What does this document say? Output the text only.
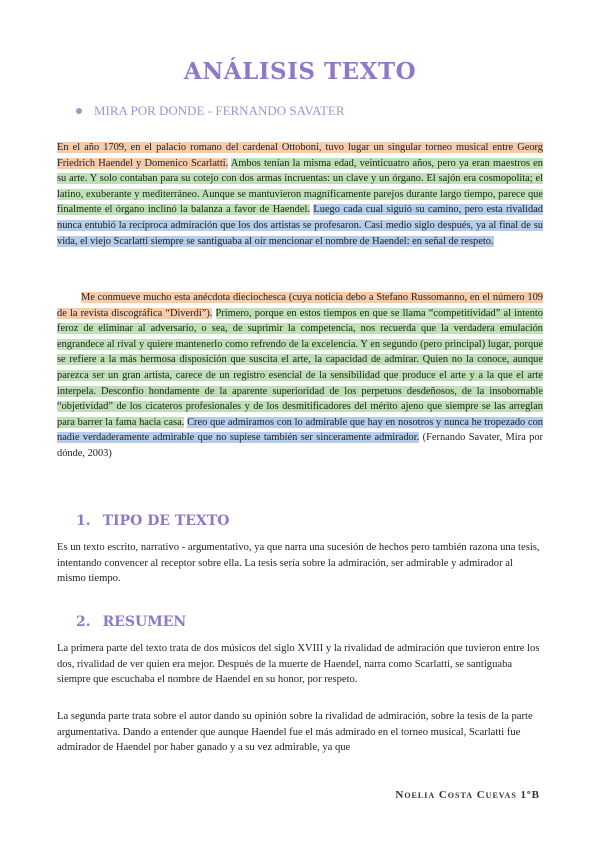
ANÁLISIS TEXTO
MIRA POR DONDE - FERNANDO SAVATER

En el año 1709, en el palacio romano del cardenal Ottoboni, tuvo lugar un singular torneo musical entre Georg Friedrich Haendel y Domenico Scarlatti. Ambos tenían la misma edad, veinticuatro años, pero ya eran maestros en su arte. Y solo contaban para su cotejo con dos armas incruentas: un clave y un órgano. El sajón era cosmopolita; el latino, exuberante y mediterráneo. Aunque se mantuvieron magníficamente parejos durante largo tiempo, parece que finalmente el órgano inclinó la balanza a favor de Haendel. Luego cada cual siguió su camino, pero esta rivalidad nunca entubió la recíproca admiración que los dos artistas se profesaron. Casi medio siglo después, ya al final de su vida, el viejo Scarlatti siempre se santiguaba al oír mencionar el nombre de Haendel: en señal de respeto.

Me conmueve mucho esta anécdota dieciochesca (cuya noticia debo a Stefano Russomanno, en el número 109 de la revista discográfica “Diverdi”). Primero, porque en estos tiempos en que se llama “competitividad” al intento feroz de eliminar al adversario, o sea, de suprimir la competencia, nos recuerda que la verdadera emulación engrandece al rival y quiere mantenerlo como refrendo de la excelencia. Y en segundo (pero principal) lugar, porque se refiere a la más hermosa disposición que suscita el arte, la capacidad de admirar. Quien no la conoce, aunque parezca ser un gran artista, carece de un registro esencial de la sensibilidad que produce el arte y a la que el arte interpela. Desconfío hondamente de la aparente superioridad de los perpetuos desdeñosos, de la insobornable “objetividad” de los cicateros profesionales y de los desmitificadores del mérito ajeno que siempre se las arreglan para barrer la fama hacia casa. Creo que admiramos con lo admirable que hay en nosotros y nunca he tropezado con nadie verdaderamente admirable que no supiese también ser sinceramente admirador. (Fernando Savater, Mira por dónde, 2003)

1. TIPO DE TEXTO

Es un texto escrito, narrativo - argumentativo, ya que narra una sucesión de hechos pero también razona una tesis, intentando convencer al receptor sobre ella. La tesis sería sobre la admiración, ser admirable y admirador al mismo tiempo.

2. RESUMEN

La primera parte del texto trata de dos músicos del siglo XVIII y la rivalidad de admiración que tuvieron entre los dos, rivalidad de ver quien era mejor. Después de la muerte de Haendel, narra como Scarlatti, se santiguaba siempre que escuchaba el nombre de Haendel en su honor, por respeto.

La segunda parte trata sobre el autor dando su opinión sobre la rivalidad de admiración, sobre la tesis de la parte argumentativa. Dando a entender que aunque Haendel fue el más admirado en el torneo musical, Scarlatti fue admirador de Haendel por haber ganado y a su vez admirable, ya que

Noelia Costa Cuevas 1ºB
